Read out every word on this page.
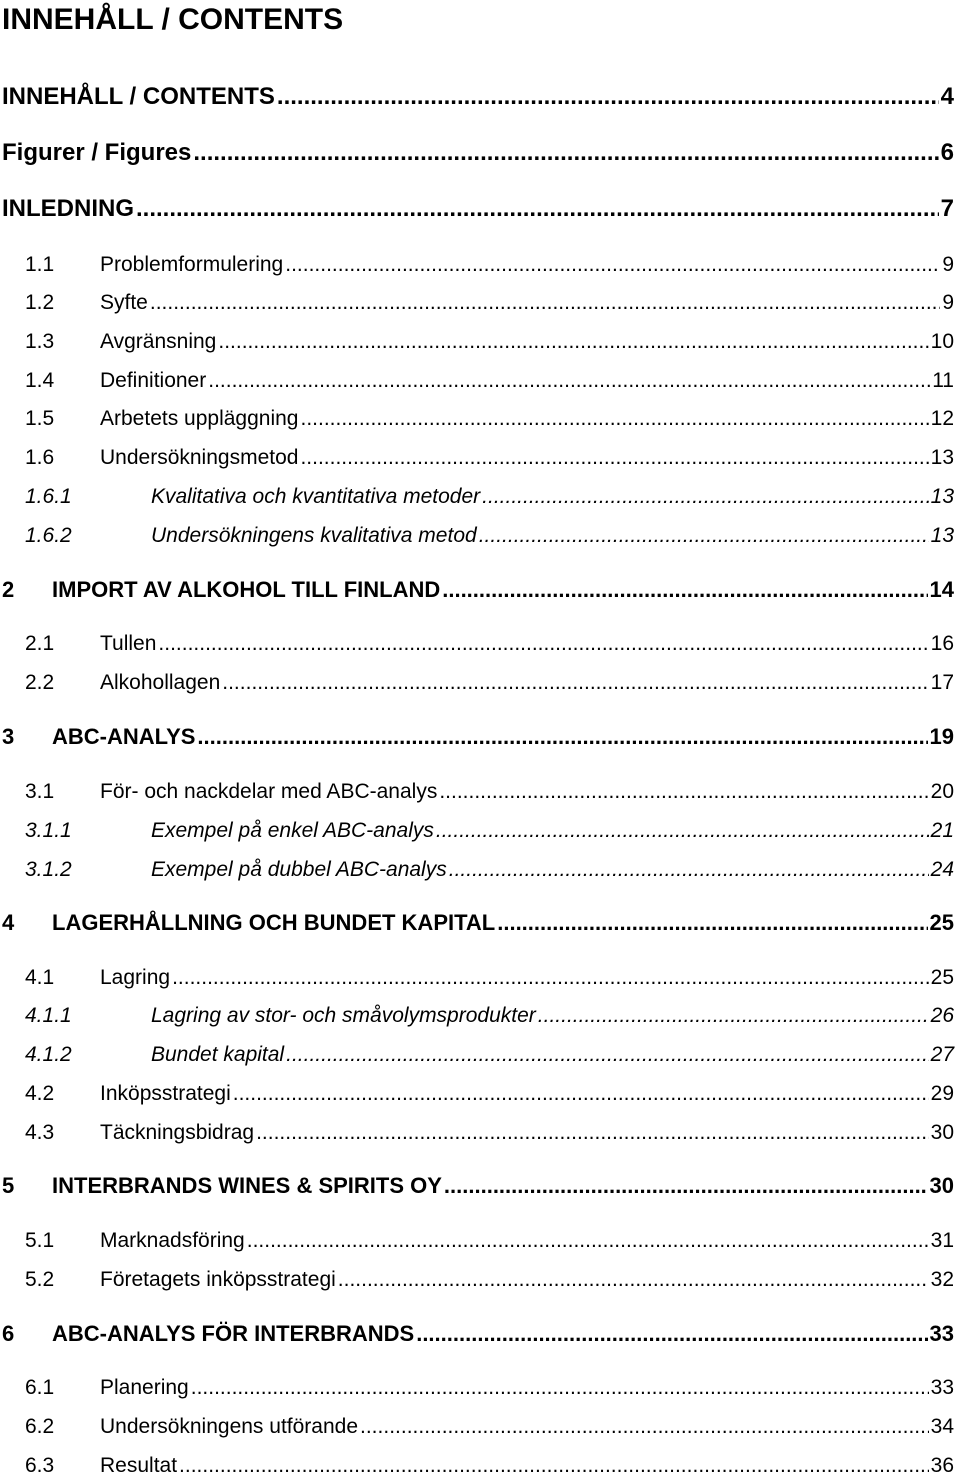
INNEHÅLL / CONTENTS
INNEHÅLL / CONTENTS .....	4
Figurer / Figures .....	6
INLEDNING .....	7
1.1	Problemformulering .....	9
1.2	Syfte .....	9
1.3	Avgränsning .....	10
1.4	Definitioner .....	11
1.5	Arbetets uppläggning .....	12
1.6	Undersökningsmetod .....	13
1.6.1	Kvalitativa och kvantitativa metoder .....	13
1.6.2	Undersökningens kvalitativa metod .....	13
2	IMPORT AV ALKOHOL TILL FINLAND .....	14
2.1	Tullen .....	16
2.2	Alkohollagen .....	17
3	ABC-ANALYS .....	19
3.1	För- och nackdelar med ABC-analys .....	20
3.1.1	Exempel på enkel ABC-analys .....	21
3.1.2	Exempel på dubbel ABC-analys .....	24
4	LAGERHÅLLNING OCH BUNDET KAPITAL .....	25
4.1	Lagring .....	25
4.1.1	Lagring av stor- och småvolymsprodukter .....	26
4.1.2	Bundet kapital .....	27
4.2	Inköpsstrategi .....	29
4.3	Täckningsbidrag .....	30
5	INTERBRANDS WINES & SPIRITS OY .....	30
5.1	Marknadsföring .....	31
5.2	Företagets inköpsstrategi .....	32
6	ABC-ANALYS FÖR INTERBRANDS .....	33
6.1	Planering .....	33
6.2	Undersökningens utförande .....	34
6.3	Resultat .....	36
